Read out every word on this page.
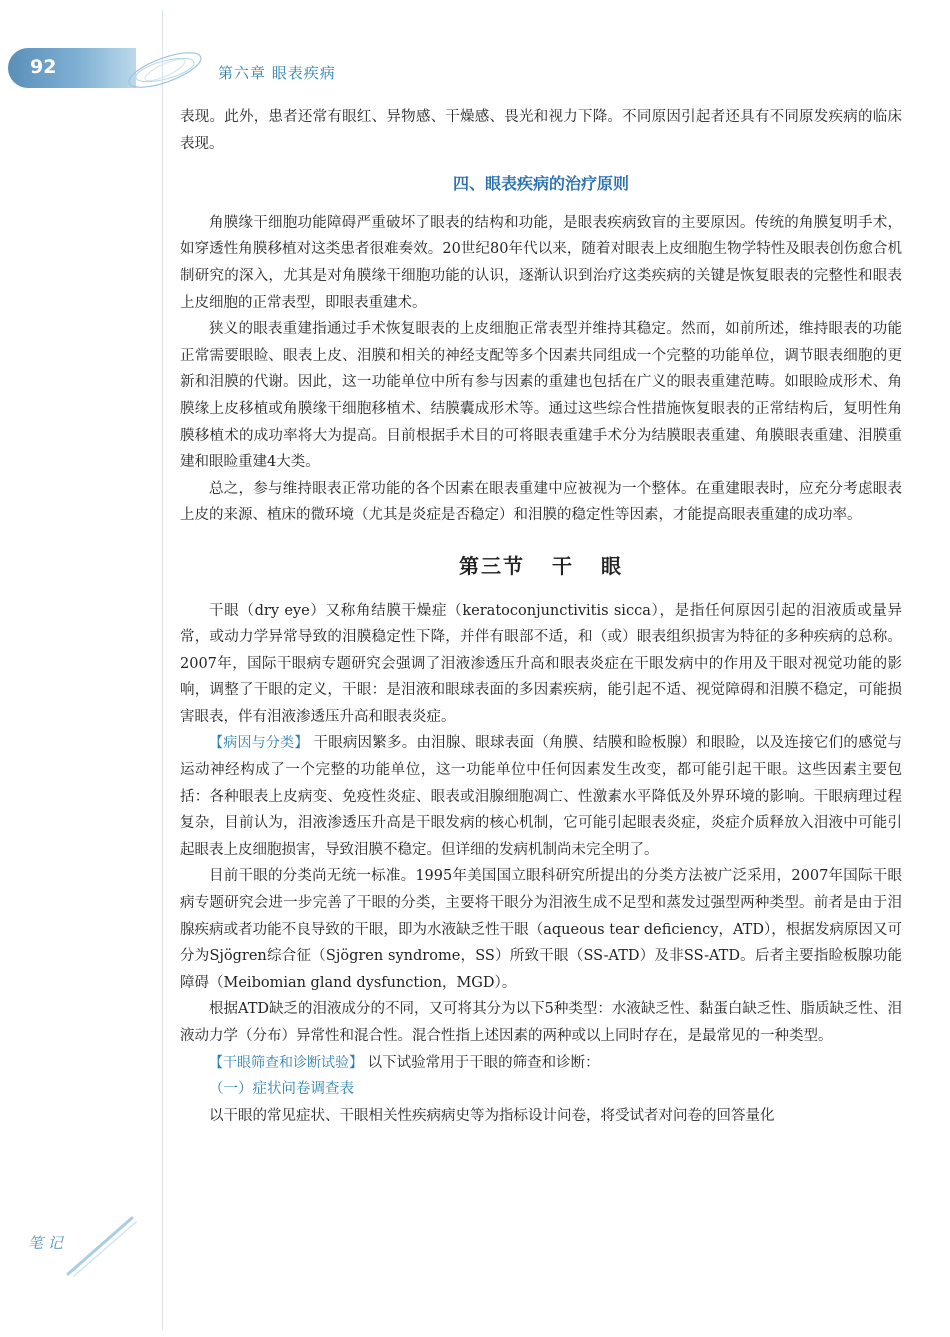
92	第六章 眼表疾病

表现。此外，患者还常有眼红、异物感、干燥感、畏光和视力下降。不同原因引起者还具有不同原发疾病的临床表现。

四、眼表疾病的治疗原则

角膜缘干细胞功能障碍严重破坏了眼表的结构和功能，是眼表疾病致盲的主要原因。传统的角膜复明手术，如穿透性角膜移植对这类患者很难奏效。20世纪80年代以来，随着对眼表上皮细胞生物学特性及眼表创伤愈合机制研究的深入，尤其是对角膜缘干细胞功能的认识，逐渐认识到治疗这类疾病的关键是恢复眼表的完整性和眼表上皮细胞的正常表型，即眼表重建术。

狭义的眼表重建指通过手术恢复眼表的上皮细胞正常表型并维持其稳定。然而，如前所述，维持眼表的功能正常需要眼睑、眼表上皮、泪膜和相关的神经支配等多个因素共同组成一个完整的功能单位，调节眼表细胞的更新和泪膜的代谢。因此，这一功能单位中所有参与因素的重建也包括在广义的眼表重建范畴。如眼睑成形术、角膜缘上皮移植或角膜缘干细胞移植术、结膜囊成形术等。通过这些综合性措施恢复眼表的正常结构后，复明性角膜移植术的成功率将大为提高。目前根据手术目的可将眼表重建手术分为结膜眼表重建、角膜眼表重建、泪膜重建和眼睑重建4大类。

总之，参与维持眼表正常功能的各个因素在眼表重建中应被视为一个整体。在重建眼表时，应充分考虑眼表上皮的来源、植床的微环境（尤其是炎症是否稳定）和泪膜的稳定性等因素，才能提高眼表重建的成功率。

第三节 干 眼

干眼（dry eye）又称角结膜干燥症（keratoconjunctivitis sicca），是指任何原因引起的泪液质或量异常，或动力学异常导致的泪膜稳定性下降，并伴有眼部不适，和（或）眼表组织损害为特征的多种疾病的总称。2007年，国际干眼病专题研究会强调了泪液渗透压升高和眼表炎症在干眼发病中的作用及干眼对视觉功能的影响，调整了干眼的定义，干眼：是泪液和眼球表面的多因素疾病，能引起不适、视觉障碍和泪膜不稳定，可能损害眼表，伴有泪液渗透压升高和眼表炎症。

【病因与分类】 干眼病因繁多。由泪腺、眼球表面（角膜、结膜和睑板腺）和眼睑，以及连接它们的感觉与运动神经构成了一个完整的功能单位，这一功能单位中任何因素发生改变，都可能引起干眼。这些因素主要包括：各种眼表上皮病变、免疫性炎症、眼表或泪腺细胞凋亡、性激素水平降低及外界环境的影响。干眼病理过程复杂，目前认为，泪液渗透压升高是干眼发病的核心机制，它可能引起眼表炎症，炎症介质释放入泪液中可能引起眼表上皮细胞损害，导致泪膜不稳定。但详细的发病机制尚未完全明了。

目前干眼的分类尚无统一标准。1995年美国国立眼科研究所提出的分类方法被广泛采用，2007年国际干眼病专题研究会进一步完善了干眼的分类，主要将干眼分为泪液生成不足型和蒸发过强型两种类型。前者是由于泪腺疾病或者功能不良导致的干眼，即为水液缺乏性干眼（aqueous tear deficiency，ATD），根据发病原因又可分为Sjögren综合征（Sjögren syndrome，SS）所致干眼（SS-ATD）及非SS-ATD。后者主要指睑板腺功能障碍（Meibomian gland dysfunction，MGD）。

根据ATD缺乏的泪液成分的不同，又可将其分为以下5种类型：水液缺乏性、黏蛋白缺乏性、脂质缺乏性、泪液动力学（分布）异常性和混合性。混合性指上述因素的两种或以上同时存在，是最常见的一种类型。

【干眼筛查和诊断试验】 以下试验常用于干眼的筛查和诊断：

（一）症状问卷调查表

以干眼的常见症状、干眼相关性疾病病史等为指标设计问卷，将受试者对问卷的回答量化

笔 记
